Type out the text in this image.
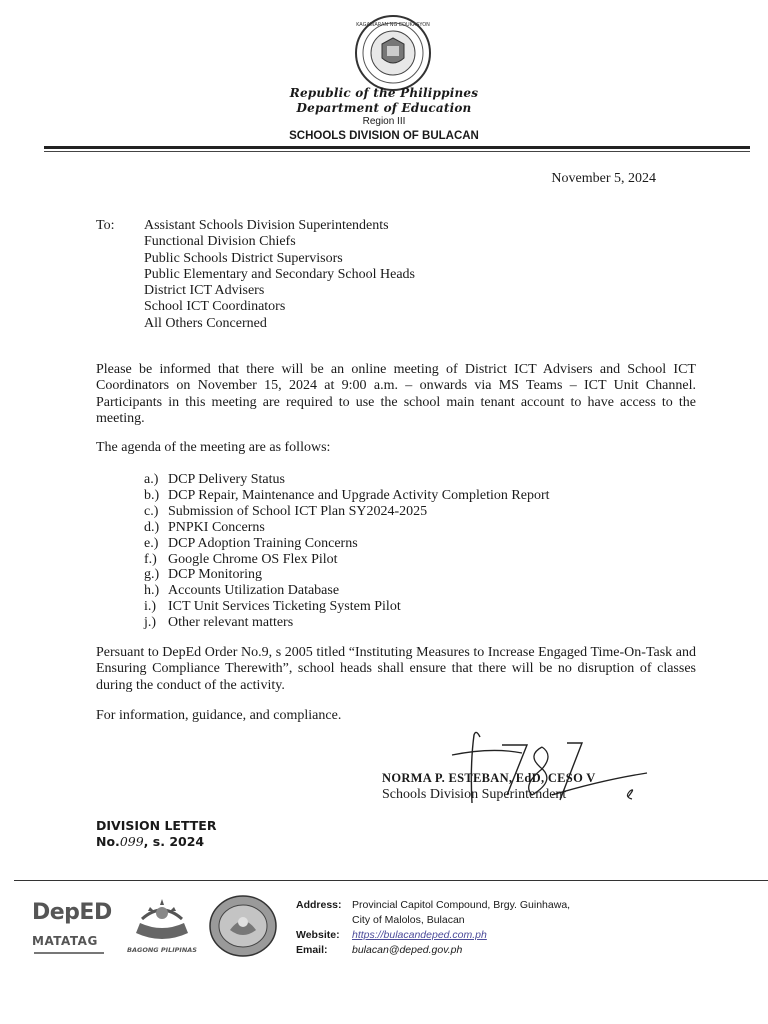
KAGAWARAN NG EDUKASYON
Republic of the Philippines
Department of Education
Region III
SCHOOLS DIVISION OF BULACAN
November 5, 2024
To: Assistant Schools Division Superintendents
Functional Division Chiefs
Public Schools District Supervisors
Public Elementary and Secondary School Heads
District ICT Advisers
School ICT Coordinators
All Others Concerned
Please be informed that there will be an online meeting of District ICT Advisers and School ICT Coordinators on November 15, 2024 at 9:00 a.m. – onwards via MS Teams – ICT Unit Channel. Participants in this meeting are required to use the school main tenant account to have access to the meeting.
The agenda of the meeting are as follows:
a.) DCP Delivery Status
b.) DCP Repair, Maintenance and Upgrade Activity Completion Report
c.) Submission of School ICT Plan SY2024-2025
d.) PNPKI Concerns
e.) DCP Adoption Training Concerns
f.) Google Chrome OS Flex Pilot
g.) DCP Monitoring
h.) Accounts Utilization Database
i.) ICT Unit Services Ticketing System Pilot
j.) Other relevant matters
Persuant to DepEd Order No.9, s 2005 titled “Instituting Measures to Increase Engaged Time-On-Task and Ensuring Compliance Therewith”, school heads shall ensure that there will be no disruption of classes during the conduct of the activity.
For information, guidance, and compliance.
NORMA P. ESTEBAN, EdD, CESO V
Schools Division Superintendent
DIVISION LETTER
No.099, s. 2024
DepED
MATATAG
BAGONG PILIPINAS
Address: Provincial Capitol Compound, Brgy. Guinhawa,
City of Malolos, Bulacan
Website: https://bulacandeped.com.ph
Email: bulacan@deped.gov.ph
